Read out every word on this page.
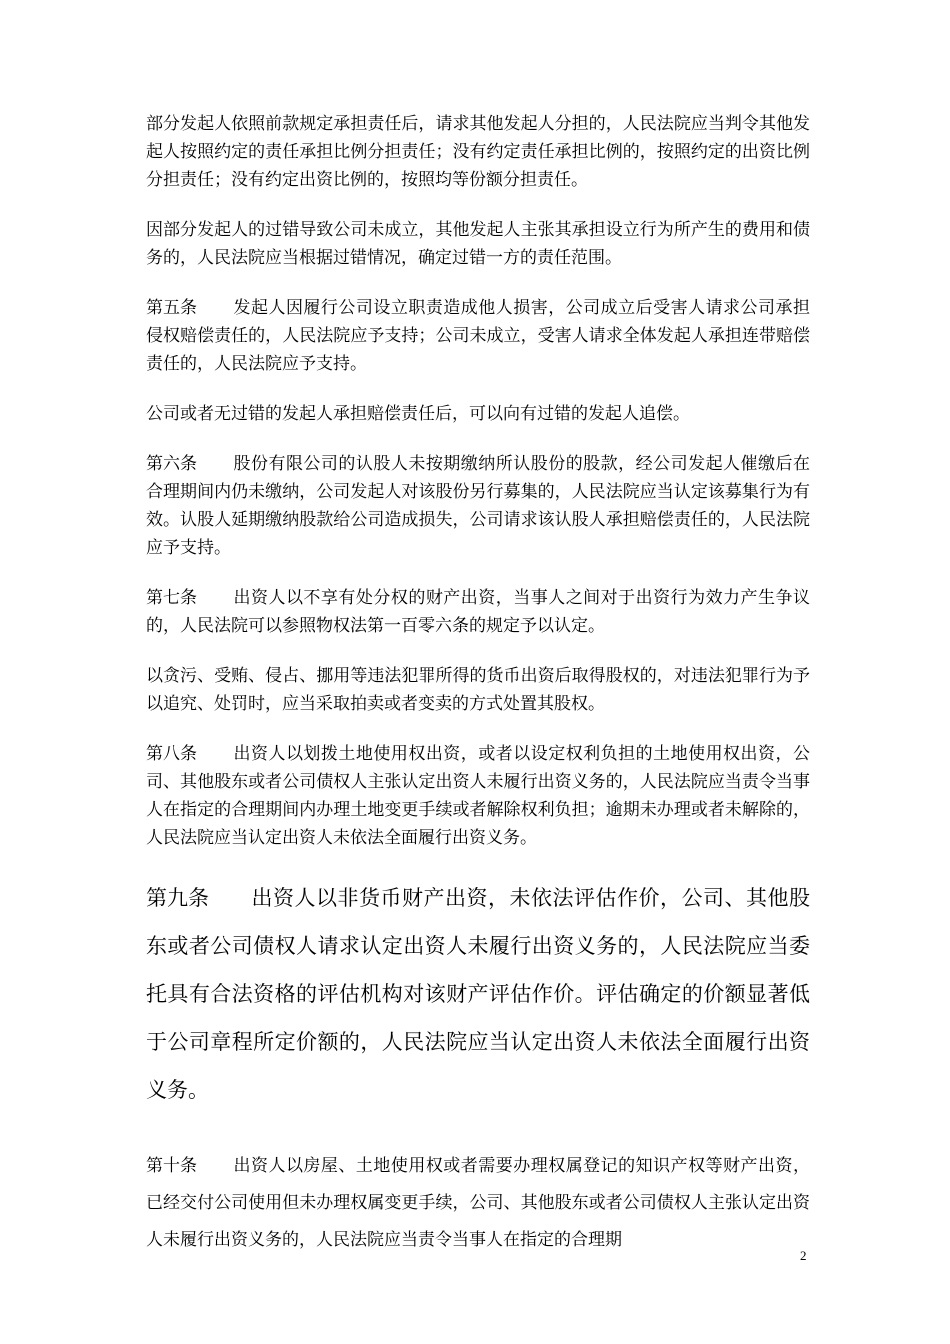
部分发起人依照前款规定承担责任后，请求其他发起人分担的，人民法院应当判令其他发起人按照约定的责任承担比例分担责任；没有约定责任承担比例的，按照约定的出资比例分担责任；没有约定出资比例的，按照均等份额分担责任。

因部分发起人的过错导致公司未成立，其他发起人主张其承担设立行为所产生的费用和债务的，人民法院应当根据过错情况，确定过错一方的责任范围。

第五条 发起人因履行公司设立职责造成他人损害，公司成立后受害人请求公司承担侵权赔偿责任的，人民法院应予支持；公司未成立，受害人请求全体发起人承担连带赔偿责任的，人民法院应予支持。

公司或者无过错的发起人承担赔偿责任后，可以向有过错的发起人追偿。

第六条 股份有限公司的认股人未按期缴纳所认股份的股款，经公司发起人催缴后在合理期间内仍未缴纳，公司发起人对该股份另行募集的，人民法院应当认定该募集行为有效。认股人延期缴纳股款给公司造成损失，公司请求该认股人承担赔偿责任的，人民法院应予支持。

第七条 出资人以不享有处分权的财产出资，当事人之间对于出资行为效力产生争议的，人民法院可以参照物权法第一百零六条的规定予以认定。

以贪污、受贿、侵占、挪用等违法犯罪所得的货币出资后取得股权的，对违法犯罪行为予以追究、处罚时，应当采取拍卖或者变卖的方式处置其股权。

第八条 出资人以划拨土地使用权出资，或者以设定权利负担的土地使用权出资，公司、其他股东或者公司债权人主张认定出资人未履行出资义务的，人民法院应当责令当事人在指定的合理期间内办理土地变更手续或者解除权利负担；逾期未办理或者未解除的，人民法院应当认定出资人未依法全面履行出资义务。

第九条 出资人以非货币财产出资，未依法评估作价，公司、其他股东或者公司债权人请求认定出资人未履行出资义务的，人民法院应当委托具有合法资格的评估机构对该财产评估作价。评估确定的价额显著低于公司章程所定价额的，人民法院应当认定出资人未依法全面履行出资义务。

第十条 出资人以房屋、土地使用权或者需要办理权属登记的知识产权等财产出资，已经交付公司使用但未办理权属变更手续，公司、其他股东或者公司债权人主张认定出资人未履行出资义务的，人民法院应当责令当事人在指定的合理期

2
